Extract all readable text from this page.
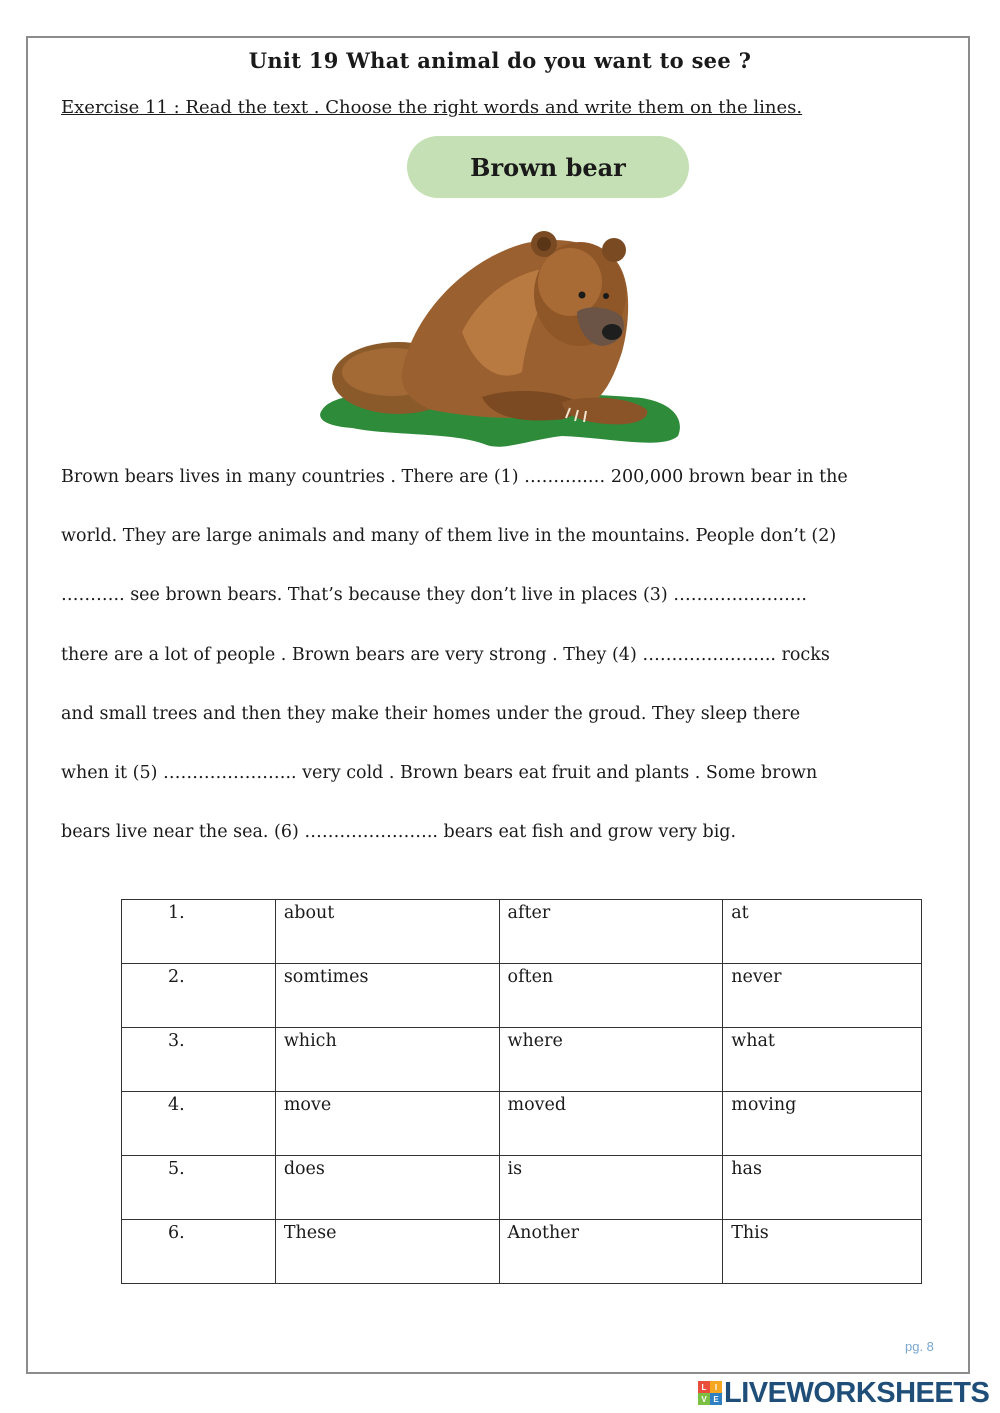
Unit 19 What animal do you want to see ?
Exercise 11 : Read the text . Choose the right words and write them on the lines.
Brown bear
Brown bears lives in many countries . There are (1) ………..… 200,000 brown bear in the
world. They are large animals and many of them live in the mountains. People don’t (2)
……….. see brown bears. That’s because they don’t live in places (3) …………………..
there are a lot of people . Brown bears are very strong . They (4) ………………….. rocks
and small trees and then they make their homes under the groud. They sleep there
when it (5) ………………….. very cold . Brown bears eat fruit and plants . Some brown
bears live near the sea. (6) ………………….. bears eat fish and grow very big.
1.	about	after	at
2.	somtimes	often	never
3.	which	where	what
4.	move	moved	moving
5.	does	is	has
6.	These	Another	This
pg. 8
L	I
V E LIVEWORKSHEETS
